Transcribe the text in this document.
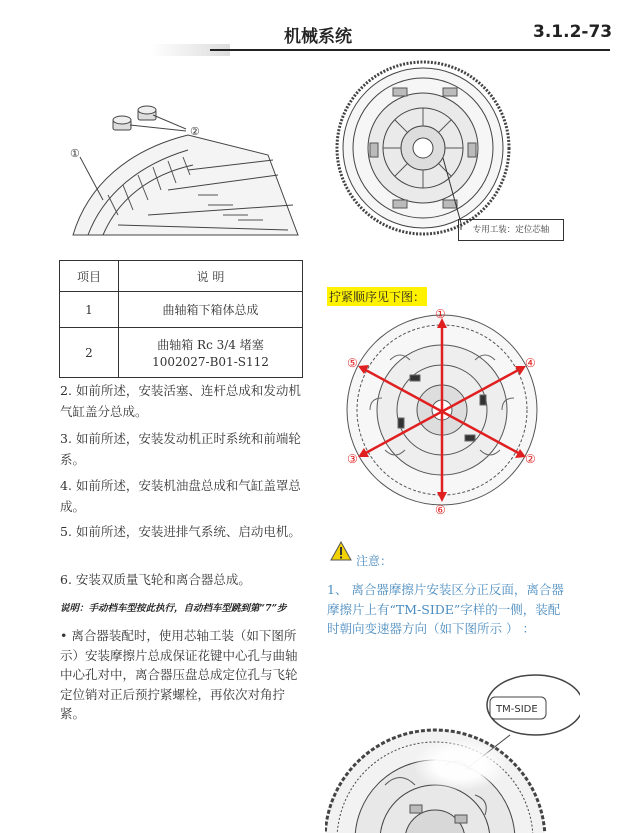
机械系统	3.1.2-73
②
①
项目	说 明
1	曲轴箱下箱体总成
2	曲轴箱 Rc 3/4 堵塞
1002027-B01-S112
2. 如前所述，安装活塞、连杆总成和发动机气缸盖分总成。
3. 如前所述，安装发动机正时系统和前端轮系。
4. 如前所述，安装机油盘总成和气缸盖罩总成。
5. 如前所述，安装进排气系统、启动电机。
6. 安装双质量飞轮和离合器总成。
说明：手动档车型按此执行，自动档车型跳到第“7”步
• 离合器装配时，使用芯轴工装（如下图所示）安装摩擦片总成保证花键中心孔与曲轴中心孔对中，离合器压盘总成定位孔与飞轮定位销对正后预拧紧螺栓，再依次对角拧紧。
专用工装：定位芯轴
拧紧顺序见下图：
①
②
③
④
⑤
⑥
注意：
1、 离合器摩擦片安装区分正反面，离合器摩擦片上有“TM-SIDE”字样的一侧，装配时朝向变速器方向（如下图所示 ） ：
TM-SIDE
